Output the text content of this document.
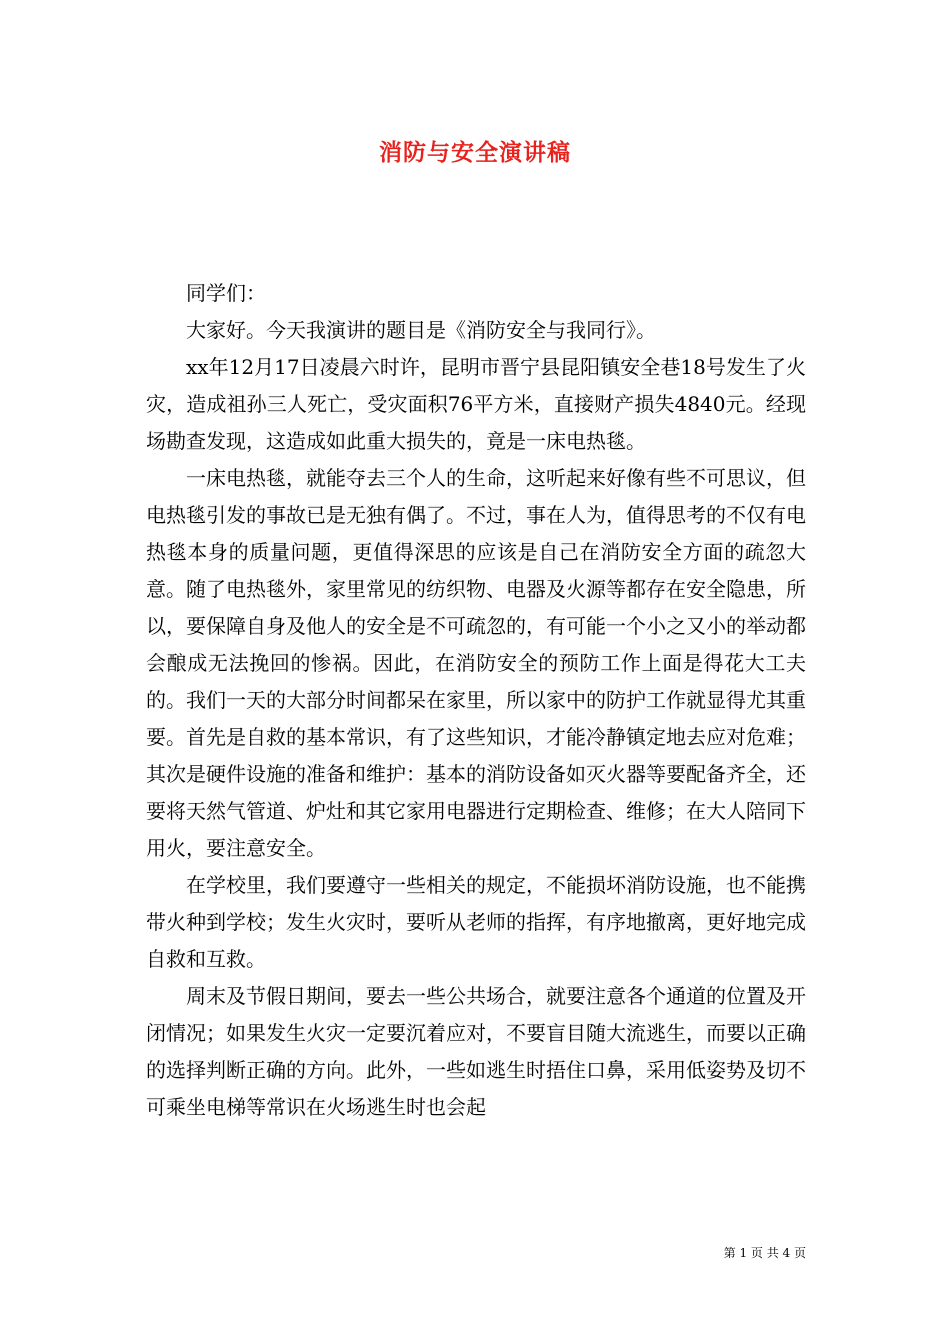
消防与安全演讲稿

同学们：

大家好。今天我演讲的题目是《消防安全与我同行》。

xx年12月17日凌晨六时许，昆明市晋宁县昆阳镇安全巷18号发生了火灾，造成祖孙三人死亡，受灾面积76平方米，直接财产损失4840元。经现场勘查发现，这造成如此重大损失的，竟是一床电热毯。

一床电热毯，就能夺去三个人的生命，这听起来好像有些不可思议，但电热毯引发的事故已是无独有偶了。不过，事在人为，值得思考的不仅有电热毯本身的质量问题，更值得深思的应该是自己在消防安全方面的疏忽大意。随了电热毯外，家里常见的纺织物、电器及火源等都存在安全隐患，所以，要保障自身及他人的安全是不可疏忽的，有可能一个小之又小的举动都会酿成无法挽回的惨祸。因此，在消防安全的预防工作上面是得花大工夫的。我们一天的大部分时间都呆在家里，所以家中的防护工作就显得尤其重要。首先是自救的基本常识，有了这些知识，才能冷静镇定地去应对危难；其次是硬件设施的准备和维护：基本的消防设备如灭火器等要配备齐全，还要将天然气管道、炉灶和其它家用电器进行定期检查、维修；在大人陪同下用火，要注意安全。

在学校里，我们要遵守一些相关的规定，不能损坏消防设施，也不能携带火种到学校；发生火灾时，要听从老师的指挥，有序地撤离，更好地完成自救和互救。

周末及节假日期间，要去一些公共场合，就要注意各个通道的位置及开闭情况；如果发生火灾一定要沉着应对，不要盲目随大流逃生，而要以正确的选择判断正确的方向。此外，一些如逃生时捂住口鼻，采用低姿势及切不可乘坐电梯等常识在火场逃生时也会起

第 1 页 共 4 页
